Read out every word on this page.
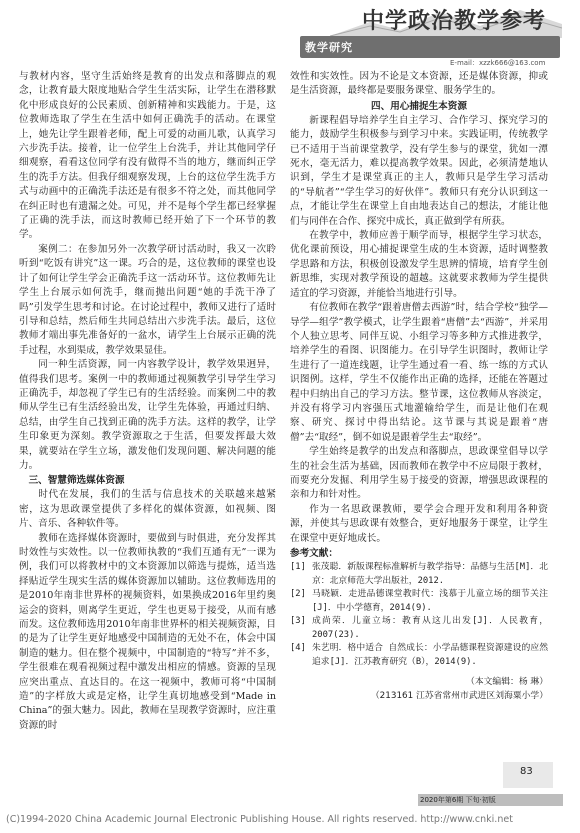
中学政治教学参考
教学研究
E-mail：xzzk666@163.com

与教材内容，坚守生活始终是教育的出发点和落脚点的观念，让教育最大限度地贴合学生生活实际，让学生在潜移默化中形成良好的公民素质、创新精神和实践能力。于是，这位教师选取了学生在生活中如何正确洗手的活动。在课堂上，她先让学生跟着老师，配上可爱的动画儿歌，认真学习六步洗手法。接着，让一位学生上台洗手，并让其他同学仔细观察，看看这位同学有没有做得不当的地方，继而纠正学生的洗手方法。但我仔细观察发现，上台的这位学生洗手方式与动画中的正确洗手法还是有很多不符之处，而其他同学在纠正时也有遗漏之处。可见，并不是每个学生都已经掌握了正确的洗手法，而这时教师已经开始了下一个环节的教学。

案例二：在参加另外一次教学研讨活动时，我又一次聆听到“吃饭有讲究”这一课。巧合的是，这位教师的课堂也设计了如何让学生学会正确洗手这一活动环节。这位教师先让学生上台展示如何洗手，继而抛出问题“她的手洗干净了吗”引发学生思考和讨论。在讨论过程中，教师又进行了适时引导和总结，然后师生共同总结出六步洗手法。最后，这位教师才端出事先准备好的一盆水，请学生上台展示正确的洗手过程，水到渠成，教学效果显佳。

同一种生活资源，同一内容教学设计，教学效果迥异，值得我们思考。案例一中的教师通过视频教学引导学生学习正确洗手，却忽视了学生已有的生活经验。而案例二中的教师从学生已有生活经验出发，让学生先体验，再通过归纳、总结，由学生自己找到正确的洗手方法。这样的教学，让学生印象更为深刻。教学资源取之于生活，但要发挥最大效果，就要站在学生立场，激发他们发现问题、解决问题的能力。

三、智慧筛选媒体资源

时代在发展，我们的生活与信息技术的关联越来越紧密，这为思政课堂提供了多样化的媒体资源，如视频、图片、音乐、各种软件等。

教师在选择媒体资源时，要做到与时俱进，充分发挥其时效性与实效性。以一位教师执教的“我们互通有无”一课为例，我们可以将教材中的文本资源加以筛选与提炼，适当选择贴近学生现实生活的媒体资源加以辅助。这位教师选用的是2010年南非世界杯的视频资料，如果换成2016年里约奥运会的资料，则离学生更近，学生也更易于接受，从而有感而发。这位教师选用2010年南非世界杯的相关视频资源，目的是为了让学生更好地感受中国制造的无处不在，体会中国制造的魅力。但在整个视频中，中国制造的“特写”并不多，学生很难在观看视频过程中激发出相应的情感。资源的呈现应突出重点、直达目的。在这一视频中，教师可将“中国制造”的字样放大或是定格，让学生真切地感受到“Made in China”的强大魅力。因此，教师在呈现教学资源时，应注重资源的时

效性和实效性。因为不论是文本资源，还是媒体资源，抑或是生活资源，最终都是要服务课堂、服务学生的。

四、用心捕捉生本资源

新课程倡导培养学生自主学习、合作学习、探究学习的能力，鼓励学生积极参与到学习中来。实践证明，传统教学已不适用于当前课堂教学，没有学生参与的课堂，犹如一潭死水，毫无活力，难以提高教学效果。因此，必须清楚地认识到，学生才是课堂真正的主人，教师只是学生学习活动的“导航者”“学生学习的好伙伴”。教师只有充分认识到这一点，才能让学生在课堂上自由地表达自己的想法，才能让他们与同伴在合作、探究中成长，真正做到学有所获。

在教学中，教师应善于顺学而导，根据学生学习状态，优化课前预设，用心捕捉课堂生成的生本资源，适时调整教学思路和方法，积极创设激发学生思辨的情境，培育学生创新思维，实现对教学预设的超越。这就要求教师为学生提供适宜的学习资源，并能恰当地进行引导。

有位教师在教学“跟着唐僧去西游”时，结合学校“独学—导学—组学”教学模式，让学生跟着“唐僧”去“西游”，并采用个人独立思考、同伴互说、小组学习等多种方式推进教学，培养学生的看图、识图能力。在引导学生识图时，教师让学生进行了一道连线题，让学生通过看一看、练一练的方式认识图例。这样，学生不仅能作出正确的选择，还能在答题过程中归纳出自己的学习方法。整节课，这位教师从容淡定，并没有将学习内容强压式地灌输给学生，而是让他们在观察、研究、探讨中得出结论。这节课与其说是跟着“唐僧”去“取经”，倒不如说是跟着学生去“取经”。

学生始终是教学的出发点和落脚点，思政课堂倡导以学生的社会生活为基础，因而教师在教学中不应局限于教材，而要充分发掘、利用学生易于接受的资源，增强思政课程的亲和力和针对性。

作为一名思政课教师，要学会合理开发和利用各种资源，并使其与思政课有效整合，更好地服务于课堂，让学生在课堂中更好地成长。

参考文献：
[1] 张茂聪．新版课程标准解析与教学指导：品德与生活[M]．北京：北京师范大学出版社，2012.
[2] 马晓颖．走进品德课堂教时代：浅慕于儿童立场的细节关注[J]．中小学德育，2014(9).
[3] 成尚荣．儿童立场：教育从这儿出发[J]．人民教育，2007(23).
[4] 朱艺明．格中适合 自然成长：小学品德课程资源建设的应然追求[J]．江苏教育研究（B），2014(9).
（本文编辑：杨 琳）
（213161 江苏省常州市武进区刘海粟小学）
83
2020年第6期 下旬·初版
(C)1994-2020 China Academic Journal Electronic Publishing House. All rights reserved. http://www.cnki.net
